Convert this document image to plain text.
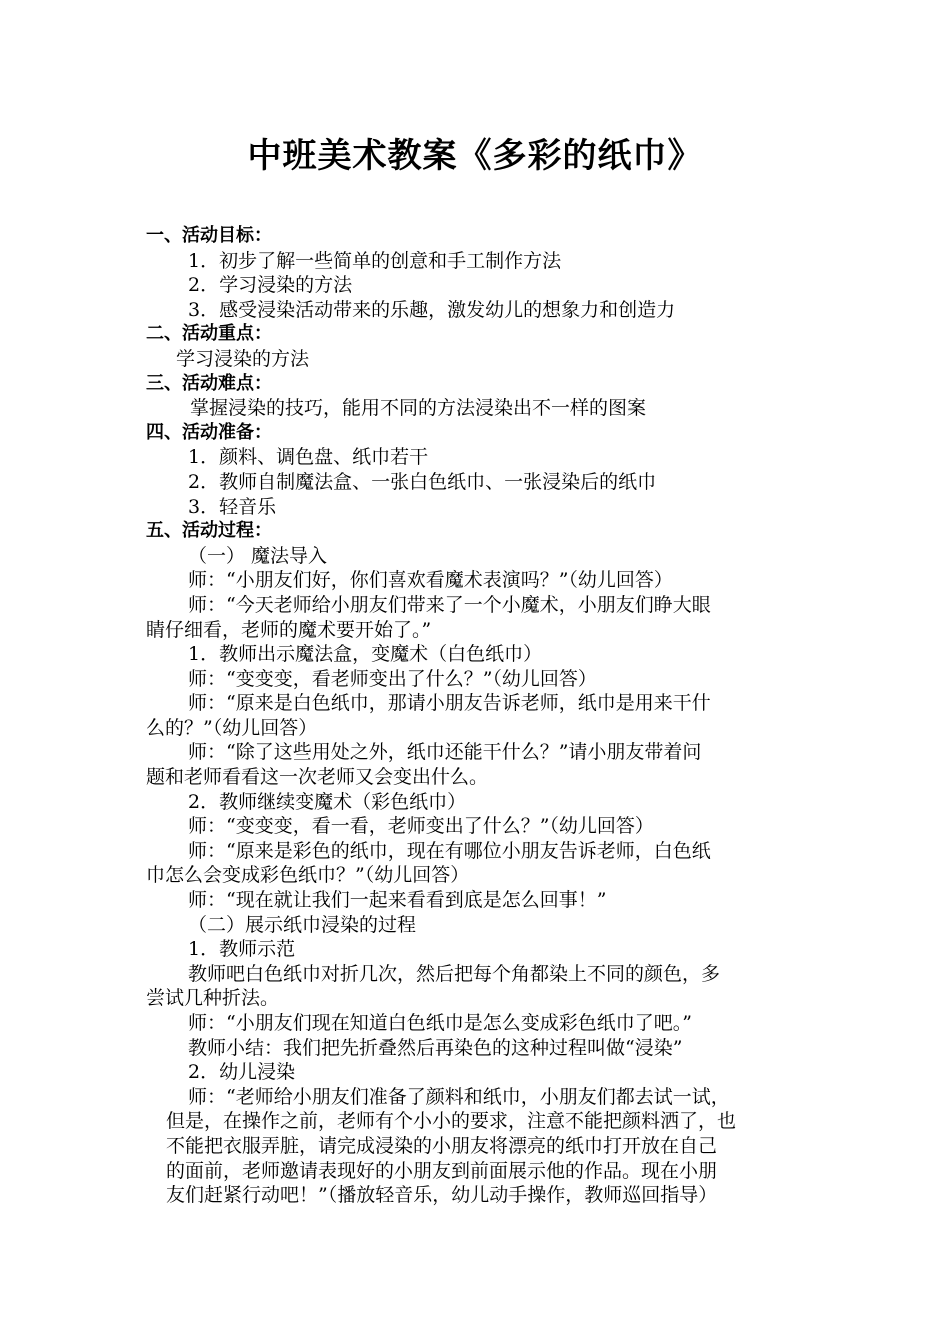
中班美术教案《多彩的纸巾》
一、活动目标：
1．初步了解一些简单的创意和手工制作方法
2．学习浸染的方法
3．感受浸染活动带来的乐趣，激发幼儿的想象力和创造力
二、活动重点：
学习浸染的方法
三、活动难点：
掌握浸染的技巧，能用不同的方法浸染出不一样的图案
四、活动准备：
1．颜料、调色盘、纸巾若干
2．教师自制魔法盒、一张白色纸巾、一张浸染后的纸巾
3．轻音乐
五、活动过程：
（一） 魔法导入
师：“小朋友们好，你们喜欢看魔术表演吗？”（幼儿回答）
师：“今天老师给小朋友们带来了一个小魔术，小朋友们睁大眼
睛仔细看，老师的魔术要开始了。”
1．教师出示魔法盒，变魔术（白色纸巾）
师：“变变变，看老师变出了什么？”（幼儿回答）
师：“原来是白色纸巾，那请小朋友告诉老师，纸巾是用来干什
么的？”（幼儿回答）
师：“除了这些用处之外，纸巾还能干什么？”请小朋友带着问
题和老师看看这一次老师又会变出什么。
2．教师继续变魔术（彩色纸巾）
师：“变变变，看一看，老师变出了什么？”（幼儿回答）
师：“原来是彩色的纸巾，现在有哪位小朋友告诉老师，白色纸
巾怎么会变成彩色纸巾？”（幼儿回答）
师：“现在就让我们一起来看看到底是怎么回事！”
（二）展示纸巾浸染的过程
1．教师示范
教师吧白色纸巾对折几次，然后把每个角都染上不同的颜色，多
尝试几种折法。
师：“小朋友们现在知道白色纸巾是怎么变成彩色纸巾了吧。”
教师小结：我们把先折叠然后再染色的这种过程叫做“浸染”
2．幼儿浸染
师：“老师给小朋友们准备了颜料和纸巾，小朋友们都去试一试，
但是，在操作之前，老师有个小小的要求，注意不能把颜料洒了，也
不能把衣服弄脏，请完成浸染的小朋友将漂亮的纸巾打开放在自己
的面前，老师邀请表现好的小朋友到前面展示他的作品。现在小朋
友们赶紧行动吧！”（播放轻音乐，幼儿动手操作，教师巡回指导）
